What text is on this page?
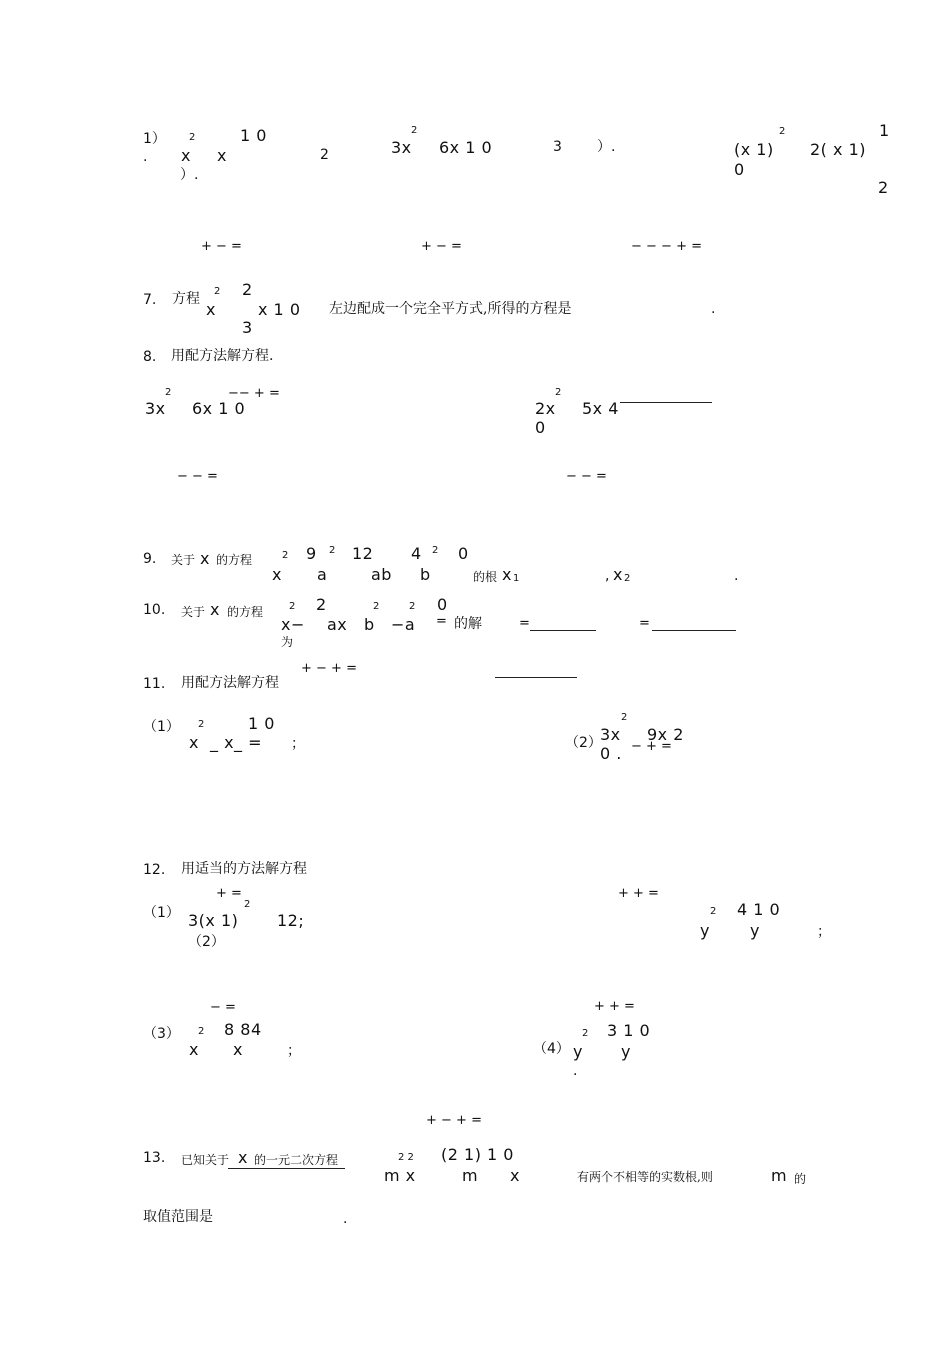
1）
. x
2
x
1 0
2
）.
3x
2
6x 1 0	3	）.	(x 1)
2
2( x 1)
1
0
2
+ − =	+ − =	− − − + =
7. 方程
x
2 2
3
x 1 0 左边配成一个完全平方式,所得的方程是	.
8. 用配方法解方程.
3x
2
6x 1 0
−− + =
− − =
2x
2
5x 4
0
− − =
9. 关于 x 的方程
x
2 9 2 12 4 2 0
a	ab b	的根 x 1	, x 2	.
10. 关于 x 的方程	2 2	2	2 0
x− ax b −a =
为
的解	=	=
+ − + =
11. 用配方法解方程
（1）
x
2	1 0
_ x_ = ；	（2）
3x
2
9x 2
0 . − + =
12. 用适当的方法解方程
+ =
（1） 3(x 1)
2
12;
（2）
+ + =
2 4 1 0
y	y	；
− =
（3）
x
2 8 84
x	；
+ + =
（4） y
2 3 1 0
y
.
+ − + =
13. 已知关于 x 的一元二次方程	2 2 (2 1) 1 0
m x	m x	有两个不相等的实数根,则	m 的
取值范围是	.
